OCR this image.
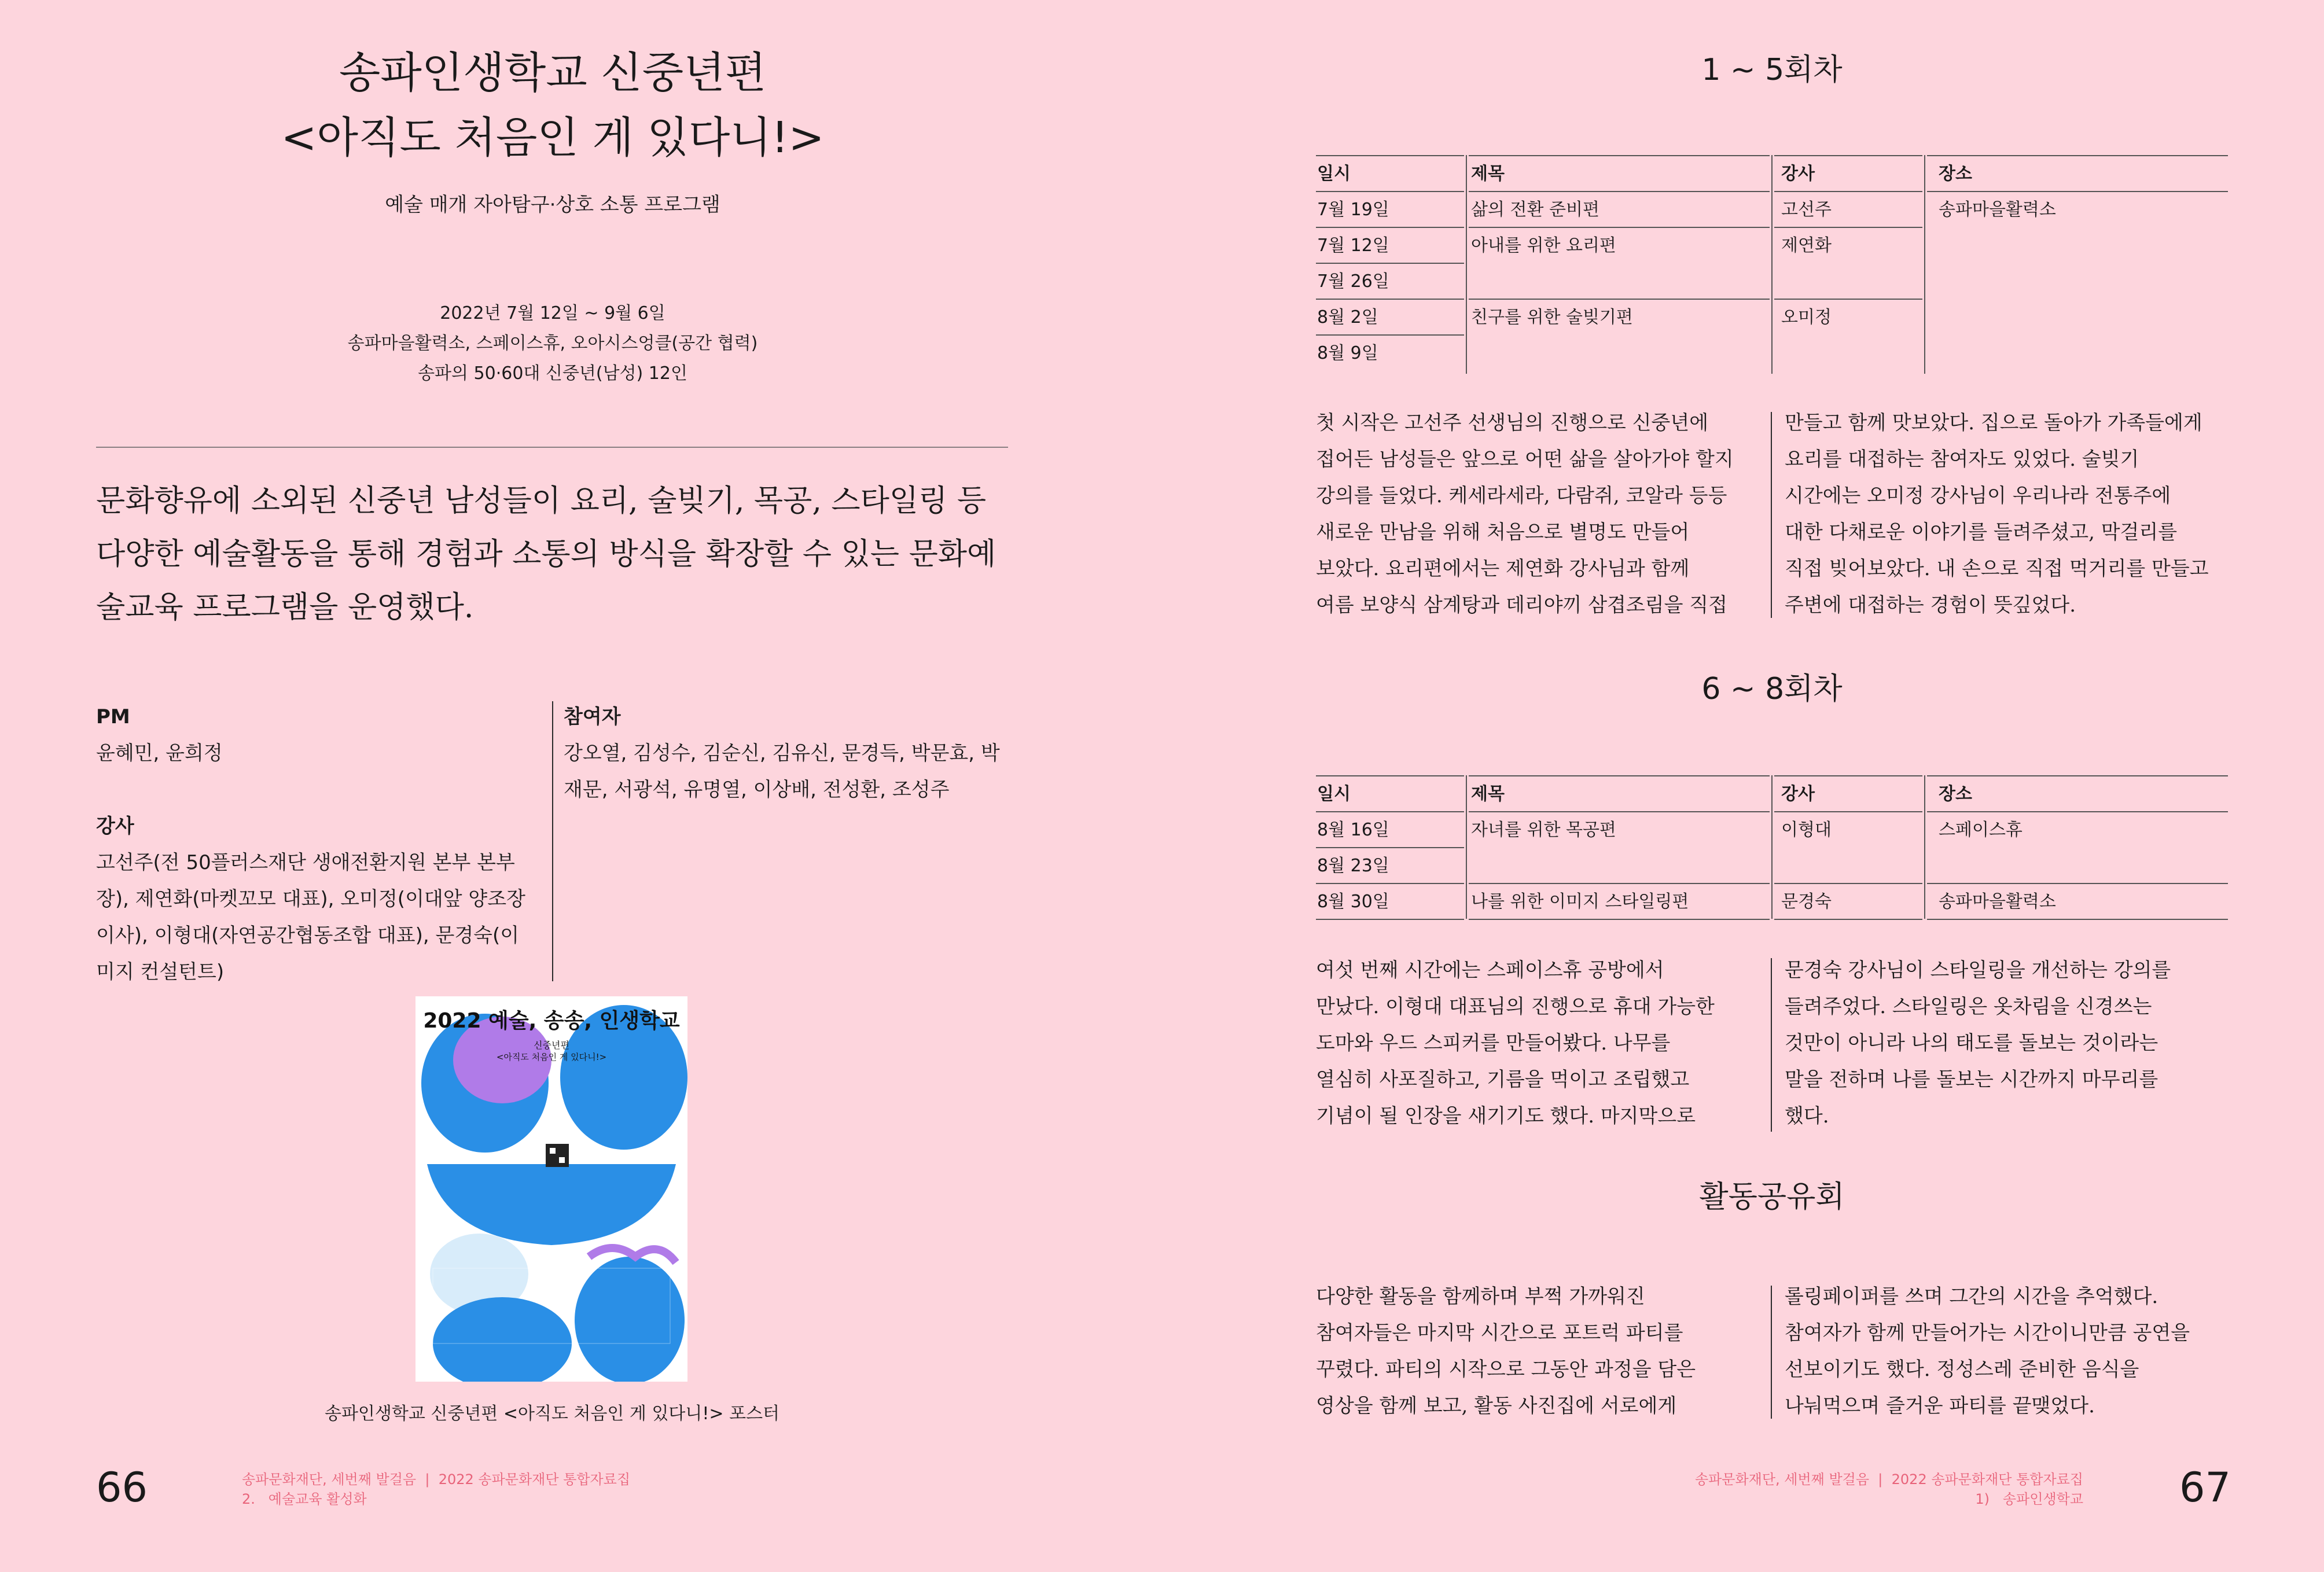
송파인생학교 신중년편
<아직도 처음인 게 있다니!>
예술 매개 자아탐구·상호 소통 프로그램
2022년 7월 12일 ~ 9월 6일
송파마을활력소, 스페이스휴, 오아시스엉클(공간 협력)
송파의 50·60대 신중년(남성) 12인
문화향유에 소외된 신중년 남성들이 요리, 술빚기, 목공, 스타일링 등 다양한 예술활동을 통해 경험과 소통의 방식을 확장할 수 있는 문화예술교육 프로그램을 운영했다.
PM
윤혜민, 윤희정
강사
고선주(전 50플러스재단 생애전환지원 본부 본부장), 제연화(마켓꼬모 대표), 오미정(이대앞 양조장 이사), 이형대(자연공간협동조합 대표), 문경숙(이미지 컨설턴트)
참여자
강오열, 김성수, 김순신, 김유신, 문경득, 박문효, 박재문, 서광석, 유명열, 이상배, 전성환, 조성주
2022 예술, 송송, 인생학교
신중년편
<아직도 처음인 게 있다니!>
송파인생학교 신중년편 <아직도 처음인 게 있다니!> 포스터
66	송파문화재단, 세번째 발걸음  |  2022 송파문화재단 통합자료집
2.   예술교육 활성화
1 ~ 5회차
일시	제목	강사	장소
7월 19일	삶의 전환 준비편	고선주	송파마을활력소
7월 12일	아내를 위한 요리편	제연화	
7월 26일			
8월 2일	친구를 위한 술빚기편	오미정	
8월 9일			
첫 시작은 고선주 선생님의 진행으로 신중년에
접어든 남성들은 앞으로 어떤 삶을 살아가야 할지
강의를 들었다. 케세라세라, 다람쥐, 코알라 등등
새로운 만남을 위해 처음으로 별명도 만들어
보았다. 요리편에서는 제연화 강사님과 함께
여름 보양식 삼계탕과 데리야끼 삼겹조림을 직접
만들고 함께 맛보았다. 집으로 돌아가 가족들에게
요리를 대접하는 참여자도 있었다. 술빚기
시간에는 오미정 강사님이 우리나라 전통주에
대한 다채로운 이야기를 들려주셨고, 막걸리를
직접 빚어보았다. 내 손으로 직접 먹거리를 만들고
주변에 대접하는 경험이 뜻깊었다.
6 ~ 8회차
일시	제목	강사	장소
8월 16일	자녀를 위한 목공편	이형대	스페이스휴
8월 23일			
8월 30일	나를 위한 이미지 스타일링편	문경숙	송파마을활력소
여섯 번째 시간에는 스페이스휴 공방에서
만났다. 이형대 대표님의 진행으로 휴대 가능한
도마와 우드 스피커를 만들어봤다. 나무를
열심히 사포질하고, 기름을 먹이고 조립했고
기념이 될 인장을 새기기도 했다. 마지막으로
문경숙 강사님이 스타일링을 개선하는 강의를
들려주었다. 스타일링은 옷차림을 신경쓰는
것만이 아니라 나의 태도를 돌보는 것이라는
말을 전하며 나를 돌보는 시간까지 마무리를
했다.
활동공유회
다양한 활동을 함께하며 부쩍 가까워진
참여자들은 마지막 시간으로 포트럭 파티를
꾸렸다. 파티의 시작으로 그동안 과정을 담은
영상을 함께 보고, 활동 사진집에 서로에게
롤링페이퍼를 쓰며 그간의 시간을 추억했다.
참여자가 함께 만들어가는 시간이니만큼 공연을
선보이기도 했다. 정성스레 준비한 음식을
나눠먹으며 즐거운 파티를 끝맺었다.
송파문화재단, 세번째 발걸음  |  2022 송파문화재단 통합자료집
1)   송파인생학교 67
